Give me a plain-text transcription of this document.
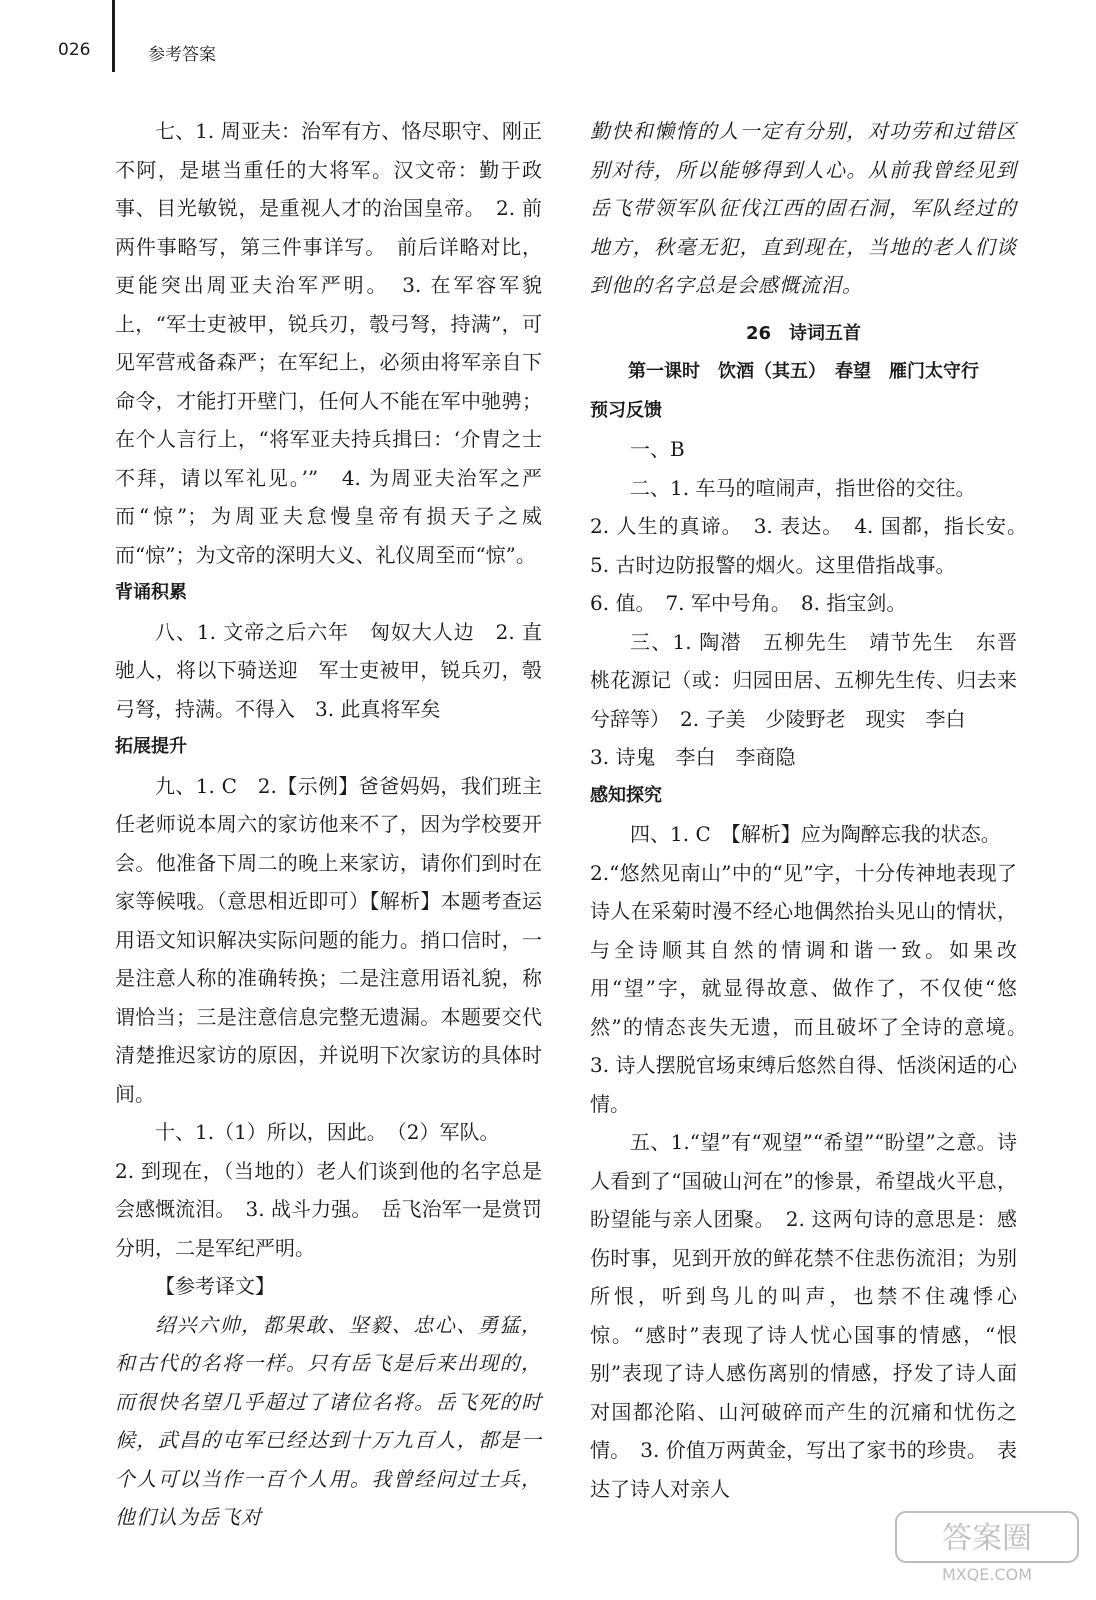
026	参考答案

七、1. 周亚夫：治军有方、恪尽职守、刚正不阿，是堪当重任的大将军。汉文帝：勤于政事、目光敏锐，是重视人才的治国皇帝。　2. 前两件事略写，第三件事详写。　前后详略对比，更能突出周亚夫治军严明。　3. 在军容军貌上，“军士吏被甲，锐兵刃，彀弓弩，持满”，可见军营戒备森严；在军纪上，必须由将军亲自下命令，才能打开壁门，任何人不能在军中驰骋；在个人言行上，“将军亚夫持兵揖曰：‘介胄之士不拜，请以军礼见。’”　4. 为周亚夫治军之严而“惊”；为周亚夫怠慢皇帝有损天子之威而“惊”；为文帝的深明大义、礼仪周至而“惊”。

背诵积累

八、1. 文帝之后六年　匈奴大人边　2. 直驰人，将以下骑送迎　军士吏被甲，锐兵刃，彀弓弩，持满。不得入　3. 此真将军矣

拓展提升

九、1. C　2.【示例】爸爸妈妈，我们班主任老师说本周六的家访他来不了，因为学校要开会。他准备下周二的晚上来家访，请你们到时在家等候哦。（意思相近即可）【解析】本题考查运用语文知识解决实际问题的能力。捎口信时，一是注意人称的准确转换；二是注意用语礼貌，称谓恰当；三是注意信息完整无遗漏。本题要交代清楚推迟家访的原因，并说明下次家访的具体时间。

十、1.（1）所以，因此。　（2）军队。

2. 到现在，（当地的）老人们谈到他的名字总是会感慨流泪。　3. 战斗力强。　岳飞治军一是赏罚分明，二是军纪严明。

【参考译文】

绍兴六帅，都果敢、坚毅、忠心、勇猛，和古代的名将一样。只有岳飞是后来出现的，而很快名望几乎超过了诸位名将。岳飞死的时候，武昌的屯军已经达到十万九百人，都是一个人可以当作一百个人用。我曾经问过士兵，他们认为岳飞对

勤快和懒惰的人一定有分别，对功劳和过错区别对待，所以能够得到人心。从前我曾经见到岳飞带领军队征伐江西的固石洞，军队经过的地方，秋毫无犯，直到现在，当地的老人们谈到他的名字总是会感慨流泪。

26　诗词五首

第一课时　饮酒（其五）　春望　雁门太守行

预习反馈

一、B

二、1. 车马的喧闹声，指世俗的交往。

2. 人生的真谛。　3. 表达。　4. 国都，指长安。　5. 古时边防报警的烟火。这里借指战事。

6. 值。　7. 军中号角。　8. 指宝剑。

三、1. 陶潜　五柳先生　靖节先生　东晋　桃花源记（或：归园田居、五柳先生传、归去来兮辞等）　2. 子美　少陵野老　现实　李白

3. 诗鬼　李白　李商隐

感知探究

四、1. C　【解析】应为陶醉忘我的状态。

2.“悠然见南山”中的“见”字，十分传神地表现了诗人在采菊时漫不经心地偶然抬头见山的情状，与全诗顺其自然的情调和谐一致。如果改用“望”字，就显得故意、做作了，不仅使“悠然”的情态丧失无遗，而且破坏了全诗的意境。　3. 诗人摆脱官场束缚后悠然自得、恬淡闲适的心情。

五、1.“望”有“观望”“希望”“盼望”之意。诗人看到了“国破山河在”的惨景，希望战火平息，盼望能与亲人团聚。　2. 这两句诗的意思是：感伤时事，见到开放的鲜花禁不住悲伤流泪；为别所恨，听到鸟儿的叫声，也禁不住魂悸心惊。“感时”表现了诗人忧心国事的情感，“恨别”表现了诗人感伤离别的情感，抒发了诗人面对国都沦陷、山河破碎而产生的沉痛和忧伤之情。　3. 价值万两黄金，写出了家书的珍贵。　表达了诗人对亲人

答案圈
MXQE.COM
